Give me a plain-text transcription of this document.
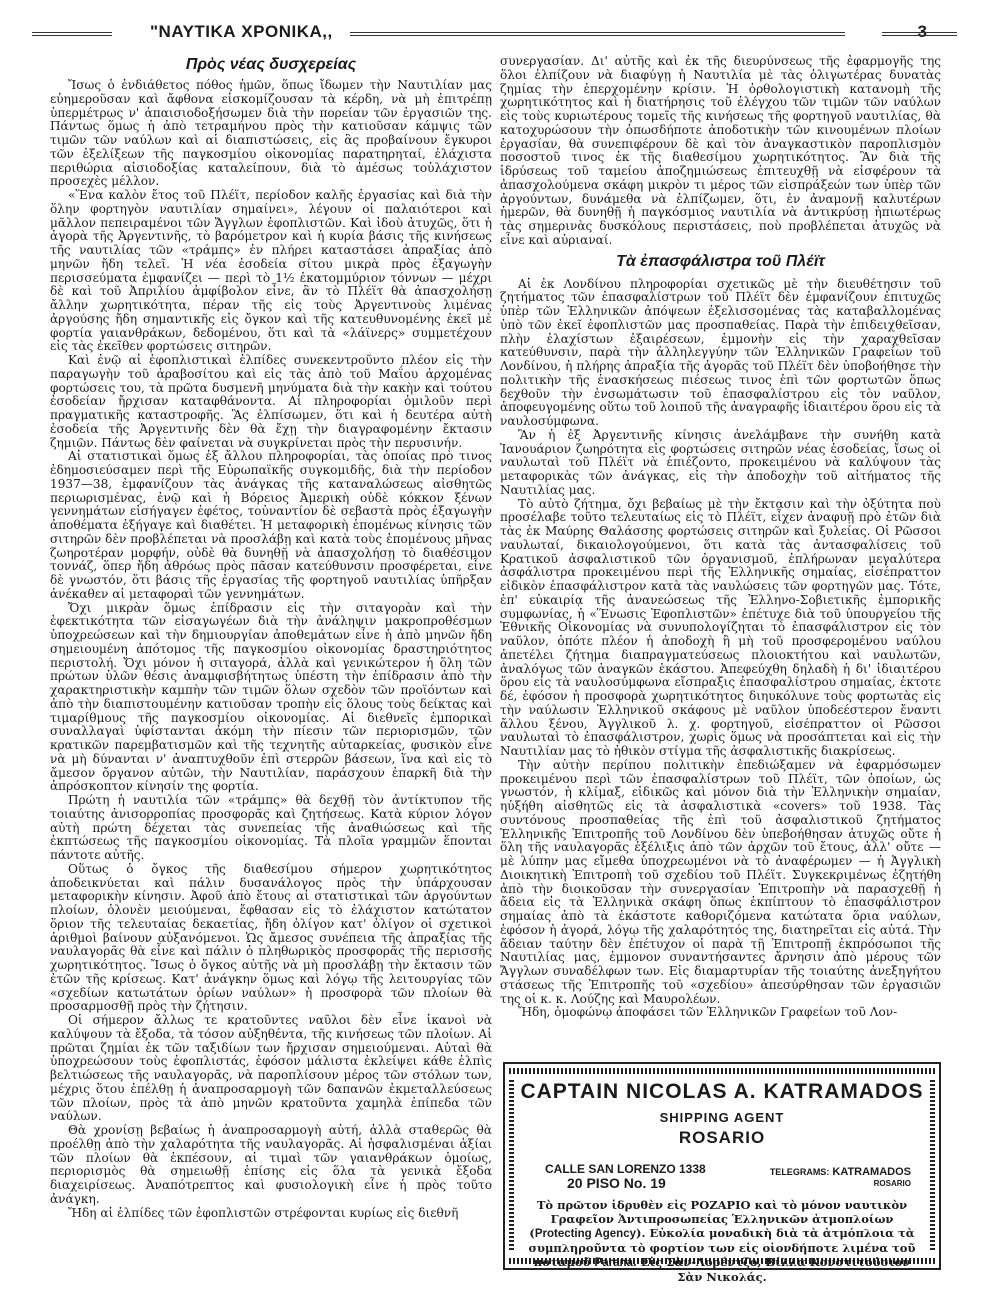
"ΝΑΥΤΙΚΑ ΧΡΟΝΙΚΑ,,	3
Πρὸς νέας δυσχερείας

Ἴσως ὁ ἐνδιάθετος πόθος ἡμῶν, ὅπως ἴδωμεν τὴν Ναυτιλίαν μας εὐημεροῦσαν καὶ ἄφθονα εἰσκομίζουσαν τὰ κέρδη, νὰ μὴ ἐπιτρέπῃ ὑπερμέτρως ν' ἀπαισιοδοξήσωμεν διὰ τὴν πορείαν τῶν ἐργασιῶν της. Πάντως ὅμως ἡ ἀπὸ τετραμήνου πρὸς τὴν κατιοῦσαν κάμψις τῶν τιμῶν τῶν ναύλων καὶ αἱ διαπιστώσεις, εἰς ἃς προβαίνουν ἔγκυροι τῶν ἐξελίξεων τῆς παγκοσμίου οἰκονομίας παρατηρηταί, ἐλάχιστα περιθώρια αἰσιοδοξίας καταλείπουν, διὰ τὸ ἀμέσως τοὐλάχιστον προσεχὲς μέλλον.

«Ἕνα καλὸν ἔτος τοῦ Πλέϊτ, περίοδον καλῆς ἐργασίας καὶ διὰ τὴν ὅλην φορτηγὸν ναυτιλίαν σημαίνει», λέγουν οἱ παλαιότεροι καὶ μᾶλλον πεπειραμένοι τῶν Ἄγγλων ἐφοπλιστῶν. Καὶ ἰδοὺ ἀτυχῶς, ὅτι ἡ ἀγορὰ τῆς Ἀργεντινῆς, τὸ βαρόμετρον καὶ ἡ κυρία βάσις τῆς κινήσεως τῆς ναυτιλίας τῶν «τράμπς» ἐν πλήρει καταστάσει ἀπραξίας ἀπὸ μηνῶν ἤδη τελεῖ. Ἡ νέα ἐσοδεία σίτου μικρὰ πρὸς ἐξαγωγὴν περισσεύματα ἐμφανίζει — περὶ τὸ 1½ ἑκατομμύριον τόννων — μέχρι δὲ καὶ τοῦ Ἀπριλίου ἀμφίβολον εἶνε, ἂν τὸ Πλέϊτ θὰ ἀπασχολήσῃ ἄλλην χωρητικότητα, πέραν τῆς εἰς τοὺς Ἀργεντινοὺς λιμένας ἀργούσης ἤδη σημαντικῆς εἰς ὄγκον καὶ τῆς κατευθυνομένης ἐκεῖ μὲ φορτία γαιανθράκων, δεδομένου, ὅτι καὶ τὰ «λάϊνερς» συμμετέχουν εἰς τὰς ἐκεῖθεν φορτώσεις σιτηρῶν.

Καὶ ἐνῷ αἱ ἐφοπλιστικαὶ ἐλπίδες συνεκεντροῦντο πλέον εἰς τὴν παραγωγὴν τοῦ ἀραβοσίτου καὶ εἰς τὰς ἀπὸ τοῦ Μαΐου ἀρχομένας φορτώσεις του, τὰ πρῶτα δυσμενῆ μηνύματα διὰ τὴν κακὴν καὶ τούτου ἐσοδείαν ἤρχισαν καταφθάνοντα. Αἱ πληροφορίαι ὁμιλοῦν περὶ πραγματικῆς καταστροφῆς. Ἂς ἐλπίσωμεν, ὅτι καὶ ἡ δευτέρα αὐτὴ ἐσοδεία τῆς Ἀργεντινῆς δὲν θὰ ἔχῃ τὴν διαγραφομένην ἔκτασιν ζημιῶν. Πάντως δὲν φαίνεται νὰ συγκρίνεται πρὸς τὴν περυσινήν.

Αἱ στατιστικαὶ ὅμως ἐξ ἄλλου πληροφορίαι, τὰς ὁποίας πρὸ τινος ἐδημοσιεύσαμεν περὶ τῆς Εὐρωπαϊκῆς συγκομιδῆς, διὰ τὴν περίοδον 1937—38, ἐμφανίζουν τὰς ἀνάγκας τῆς καταναλώσεως αἰσθητῶς περιωρισμένας, ἐνῷ καὶ ἡ Βόρειος Ἀμερικὴ οὐδὲ κόκκον ξένων γεννημάτων εἰσήγαγεν ἐφέτος, τοὐναντίον δὲ σεβαστὰ πρὸς ἐξαγωγὴν ἀποθέματα ἐξήγαγε καὶ διαθέτει. Ἡ μεταφορικὴ ἑπομένως κίνησις τῶν σιτηρῶν δὲν προβλέπεται νὰ προσλάβῃ καὶ κατὰ τοὺς ἑπομένους μῆνας ζωηροτέραν μορφήν, οὐδὲ θὰ δυνηθῇ νὰ ἀπασχολήσῃ τὸ διαθέσιμον τοννάζ, ὅπερ ἤδη ἀθρόως πρὸς πᾶσαν κατεύθυνσιν προσφέρεται, εἶνε δὲ γνωστόν, ὅτι βάσις τῆς ἐργασίας τῆς φορτηγοῦ ναυτιλίας ὑπῆρξαν ἀνέκαθεν αἱ μεταφοραὶ τῶν γεννημάτων.

Ὄχι μικρὰν ὅμως ἐπίδρασιν εἰς τὴν σιταγορὰν καὶ τὴν ἐφεκτικότητα τῶν εἰσαγωγέων διὰ τὴν ἀνάληψιν μακροπροθέσμων ὑποχρεώσεων καὶ τὴν δημιουργίαν ἀποθεμάτων εἶνε ἡ ἀπὸ μηνῶν ἤδη σημειουμένη ἀπότομος τῆς παγκοσμίου οἰκονομίας δραστηριότητος περιστολή. Ὄχι μόνον ἡ σιταγορά, ἀλλὰ καὶ γενικώτερον ἡ ὅλη τῶν πρώτων ὑλῶν θέσις ἀναμφισβήτητως ὑπέστη τὴν ἐπίδρασιν ἀπὸ τὴν χαρακτηριστικὴν καμπὴν τῶν τιμῶν ὅλων σχεδὸν τῶν προϊόντων καὶ ἀπὸ τὴν διαπιστουμένην κατιοῦσαν τροπὴν εἰς ὅλους τοὺς δείκτας καὶ τιμαρίθμους τῆς παγκοσμίου οἰκονομίας. Αἱ διεθνεῖς ἐμπορικαὶ συναλλαγαὶ ὑφίστανται ἀκόμη τὴν πίεσιν τῶν περιορισμῶν, τῶν κρατικῶν παρεμβατισμῶν καὶ τῆς τεχνητῆς αὐταρκείας, φυσικὸν εἶνε νὰ μὴ δύνανται ν' ἀναπτυχθοῦν ἐπὶ στερρῶν βάσεων, ἵνα καὶ εἰς τὸ ἄμεσον ὄργανον αὐτῶν, τὴν Ναυτιλίαν, παράσχουν ἐπαρκῆ διὰ τὴν ἀπρόσκοπτον κίνησίν της φορτία.

Πρώτη ἡ ναυτιλία τῶν «τράμπς» θὰ δεχθῇ τὸν ἀντίκτυπον τῆς τοιαύτης ἀνισορροπίας προσφορᾶς καὶ ζητήσεως. Κατὰ κύριον λόγον αὐτὴ πρώτη δέχεται τὰς συνεπείας τῆς ἀναθιώσεως καὶ τῆς ἐκπτώσεως τῆς παγκοσμίου οἰκονομίας. Τὰ πλοῖα γραμμῶν ἕπονται πάντοτε αὐτῆς.

Οὕτως ὁ ὄγκος τῆς διαθεσίμου σήμερον χωρητικότητος ἀποδεικνύεται καὶ πάλιν δυσανάλογος πρὸς τὴν ὑπάρχουσαν μεταφορικὴν κίνησιν. Ἀφοῦ ἀπὸ ἔτους αἱ στατιστικαὶ τῶν ἀργούντων πλοίων, ὁλονὲν μειούμεναι, ἔφθασαν εἰς τὸ ἐλάχιστον κατώτατον ὅριον τῆς τελευταίας δεκαετίας, ἤδη ὀλίγον κατ' ὀλίγον οἱ σχετικοὶ ἀριθμοὶ βαίνουν αὐξανόμενοι. Ὡς ἄμεσος συνέπεια τῆς ἀπραξίας τῆς ναυλαγορᾶς θὰ εἶνε καὶ πάλιν ὁ πληθωρικὸς προσφορᾶς τῆς περισσῆς χωρητικότητος. Ἴσως ὁ ὄγκος αὐτῆς νὰ μὴ προσλάβῃ τὴν ἔκτασιν τῶν ἐτῶν τῆς κρίσεως. Κατ' ἀνάγκην ὅμως καὶ λόγῳ τῆς λειτουργίας τῶν «σχεδίων κατωτάτων ὁρίων ναύλων» ἡ προσφορὰ τῶν πλοίων θὰ προσαρμοσθῇ πρὸς τὴν ζήτησιν.

Οἱ σήμερον ἄλλως τε κρατοῦντες ναῦλοι δὲν εἶνε ἱκανοὶ νὰ καλύψουν τὰ ἔξοδα, τὰ τόσον αὐξηθέντα, τῆς κινήσεως τῶν πλοίων. Αἱ πρῶται ζημίαι ἐκ τῶν ταξιδίων των ἤρχισαν σημειούμεναι. Αὐταὶ θὰ ὑποχρεώσουν τοὺς ἐφοπλιστάς, ἐφόσον μάλιστα ἐκλείψει κάθε ἐλπὶς βελτιώσεως τῆς ναυλαγορᾶς, νὰ παροπλίσουν μέρος τῶν στόλων των, μέχρις ὅτου ἐπέλθῃ ἡ ἀναπροσαρμογὴ τῶν δαπανῶν ἐκμεταλλεύσεως τῶν πλοίων, πρὸς τὰ ἀπὸ μηνῶν κρατοῦντα χαμηλὰ ἐπίπεδα τῶν ναύλων.

Θὰ χρονίσῃ βεβαίως ἡ ἀναπροσαρμογὴ αὐτή, ἀλλὰ σταθερῶς θὰ προέλθῃ ἀπὸ τὴν χαλαρότητα τῆς ναυλαγορᾶς. Αἱ ἠσφαλισμέναι ἀξίαι τῶν πλοίων θὰ ἐκπέσουν, αἱ τιμαὶ τῶν γαιανθράκων ὁμοίως, περιορισμὸς θὰ σημειωθῇ ἐπίσης εἰς ὅλα τὰ γενικὰ ἔξοδα διαχειρίσεως. Ἀναπότρεπτος καὶ φυσιολογικὴ εἶνε ἡ πρὸς τοῦτο ἀνάγκη.

Ἤδη αἱ ἐλπίδες τῶν ἐφοπλιστῶν στρέφονται κυρίως εἰς διεθνῆ

συνεργασίαν. Δι' αὐτῆς καὶ ἐκ τῆς διευρύνσεως τῆς ἐφαρμογῆς της ὅλοι ἐλπίζουν νὰ διαφύγῃ ἡ Ναυτιλία μὲ τὰς ὀλιγωτέρας δυνατὰς ζημίας τὴν ἐπερχομένην κρίσιν. Ἡ ὀρθολογιστικὴ κατανομὴ τῆς χωρητικότητος καὶ ἡ διατήρησις τοῦ ἐλέγχου τῶν τιμῶν τῶν ναύλων εἰς τοὺς κυριωτέρους τομεῖς τῆς κινήσεως τῆς φορτηγοῦ ναυτιλίας, θὰ κατοχυρώσουν τὴν ὁπωσδήποτε ἀποδοτικὴν τῶν κινουμένων πλοίων ἐργασίαν, θὰ συνεπιφέρουν δὲ καὶ τὸν ἀναγκαστικὸν παροπλισμὸν ποσοστοῦ τινος ἐκ τῆς διαθεσίμου χωρητικότητος. Ἂν διὰ τῆς ἱδρύσεως τοῦ ταμείου ἀποζημιώσεως ἐπιτευχθῇ νὰ εἰσφέρουν τὰ ἀπασχολούμενα σκάφη μικρὸν τι μέρος τῶν εἰσπράξεών των ὑπὲρ τῶν ἀργούντων, δυνάμεθα νὰ ἐλπίζωμεν, ὅτι, ἐν ἀναμονῇ καλυτέρων ἡμερῶν, θὰ δυνηθῇ ἡ παγκόσμιος ναυτιλία νὰ ἀντικρύσῃ ἠπιωτέρως τὰς σημερινὰς δυσκόλους περιστάσεις, ποὺ προβλέπεται ἀτυχῶς νὰ εἶνε καὶ αὐριαναί.

Τὰ ἐπασφάλιστρα τοῦ Πλέϊτ

Αἱ ἐκ Λονδίνου πληροφορίαι σχετικῶς μὲ τὴν διευθέτησιν τοῦ ζητήματος τῶν ἐπασφαλίστρων τοῦ Πλέϊτ δὲν ἐμφανίζουν ἐπιτυχῶς ὑπὲρ τῶν Ἑλληνικῶν ἀπόψεων ἐξελισσομένας τὰς καταβαλλομένας ὑπὸ τῶν ἐκεῖ ἐφοπλιστῶν μας προσπαθείας. Παρὰ τὴν ἐπιδειχθεῖσαν, πλὴν ἐλαχίστων ἐξαιρέσεων, ἐμμονὴν εἰς τὴν χαραχθεῖσαν κατεύθυνσιν, παρὰ τὴν ἀλληλεγγύην τῶν Ἑλληνικῶν Γραφείων τοῦ Λονδίνου, ἡ πλήρης ἀπραξία τῆς ἀγορᾶς τοῦ Πλέϊτ δὲν ὑποβοήθησε τὴν πολιτικὴν τῆς ἐνασκήσεως πιέσεως τινος ἐπὶ τῶν φορτωτῶν ὅπως δεχθοῦν τὴν ἐνσωμάτωσιν τοῦ ἐπασφαλίστρου εἰς τὸν ναῦλον, ἀποφευγομένης οὕτω τοῦ λοιποῦ τῆς ἀναγραφῆς ἰδιαιτέρου ὅρου εἰς τὰ ναυλοσύμφωνα.

Ἂν ἡ ἐξ Ἀργεντινῆς κίνησις ἀνελάμβανε τὴν συνήθη κατὰ Ἰανουάριον ζωηρότητα εἰς φορτώσεις σιτηρῶν νέας ἐσοδείας, ἴσως οἱ ναυλωταὶ τοῦ Πλέϊτ νὰ ἐπιέζοντο, προκειμένου νὰ καλύψουν τὰς μεταφορικὰς τῶν ἀνάγκας, εἰς τὴν ἀποδοχὴν τοῦ αἰτήματος τῆς Ναυτιλίας μας.

Τὸ αὐτὸ ζήτημα, ὄχι βεβαίως μὲ τὴν ἔκτασιν καὶ τὴν ὀξύτητα ποὺ προσέλαβε τοῦτο τελευταίως εἰς τὸ Πλέϊτ, εἶχεν ἀναφυῇ πρὸ ἐτῶν διὰ τὰς ἐκ Μαύρης Θαλάσσης φορτώσεις σιτηρῶν καὶ ξυλείας. Οἱ Ρῶσσοι ναυλωταί, δικαιολογούμενοι, ὅτι κατὰ τὰς ἀντασφαλίσεις τοῦ Κρατικοῦ ἀσφαλιστικοῦ τῶν ὀργανισμοῦ, ἐπλήρωναν μεγαλύτερα ἀσφάλιστρα προκειμένου περὶ τῆς Ἑλληνικῆς σημαίας, εἰσέπραττον εἰδικὸν ἐπασφάλιστρον κατὰ τὰς ναυλώσεις τῶν φορτηγῶν μας. Τότε, ἐπ' εὐκαιρίᾳ τῆς ἀνανεώσεως τῆς Ἑλληνο-Σοβιετικῆς ἐμπορικῆς συμφωνίας, ἡ «Ἕνωσις Ἐφοπλιστῶν» ἐπέτυχε διὰ τοῦ ὑπουργείου τῆς Ἐθνικῆς Οἰκονομίας νὰ συνυπολογίζηται τὸ ἐπασφάλιστρον εἰς τὸν ναῦλον, ὁπότε πλέον ἡ ἀποδοχὴ ἢ μὴ τοῦ προσφερομένου ναύλου ἀπετέλει ζήτημα διαπραγματεύσεως πλοιοκτήτου καὶ ναυλωτῶν, ἀναλόγως τῶν ἀναγκῶν ἑκάστου. Ἀπεφεύχθη δηλαδὴ ἡ δι' ἰδιαιτέρου ὅρου εἰς τὰ ναυλοσύμφωνα εἴσπραξις ἐπασφαλίστρου σημαίας, ἐκτοτε δέ, ἐφόσον ἡ προσφορὰ χωρητικότητος διηυκόλυνε τοὺς φορτωτὰς εἰς τὴν ναύλωσιν Ἑλληνικοῦ σκάφους μὲ ναῦλον ὑποδεέστερον ἔναντι ἄλλου ξένου, Ἀγγλικοῦ λ. χ. φορτηγοῦ, εἰσέπραττον οἱ Ρῶσσοι ναυλωταὶ τὸ ἐπασφάλιστρον, χωρὶς ὅμως νὰ προσάπτεται καὶ εἰς τὴν Ναυτιλίαν μας τὸ ἠθικὸν στίγμα τῆς ἀσφαλιστικῆς διακρίσεως.

Τὴν αὐτὴν περίπου πολιτικὴν ἐπεδιώξαμεν νὰ ἐφαρμόσωμεν προκειμένου περὶ τῶν ἐπασφαλίστρων τοῦ Πλέϊτ, τῶν ὁποίων, ὡς γνωστόν, ἡ κλίμαξ, εἰδικῶς καὶ μόνον διὰ τὴν Ἑλληνικὴν σημαίαν, ηὐξήθη αἰσθητῶς εἰς τὰ ἀσφαλιστικὰ «covers» τοῦ 1938. Τὰς συντόνους προσπαθείας τῆς ἐπὶ τοῦ ἀσφαλιστικοῦ ζητήματος Ἑλληνικῆς Ἐπιτροπῆς τοῦ Λονδίνου δὲν ὑπεβοήθησαν ἀτυχῶς οὔτε ἡ ὅλη τῆς ναυλαγορᾶς ἐξέλιξις ἀπὸ τῶν ἀρχῶν τοῦ ἔτους, ἀλλ' οὔτε — μὲ λύπην μας εἴμεθα ὑποχρεωμένοι νὰ τὸ ἀναφέρωμεν — ἡ Ἀγγλικὴ Διοικητικὴ Ἐπιτροπὴ τοῦ σχεδίου τοῦ Πλέϊτ. Συγκεκριμένως ἐζητήθη ἀπὸ τὴν διοικοῦσαν τὴν συνεργασίαν Ἐπιτροπὴν νὰ παρασχεθῇ ἡ ἄδεια εἰς τὰ Ἑλληνικὰ σκάφη ὅπως ἐκπίπτουν τὸ ἐπασφάλιστρον σημαίας ἀπὸ τὰ ἑκάστοτε καθοριζόμενα κατώτατα ὅρια ναύλων, ἐφόσον ἡ ἀγορά, λόγῳ τῆς χαλαρότητός της, διατηρεῖται εἰς αὐτά. Τὴν ἄδειαν ταύτην δὲν ἐπέτυχον οἱ παρὰ τῇ Ἐπιτροπῇ ἐκπρόσωποι τῆς Ναυτιλίας μας, ἐμμονον συναντήσαντες ἄρνησιν ἀπὸ μέρους τῶν Ἄγγλων συναδέλφων των. Εἰς διαμαρτυρίαν τῆς τοιαύτης ἀνεξηγήτου στάσεως τῆς Ἐπιτροπῆς τοῦ «σχεδίου» ἀπεσύρθησαν τῶν ἐργασιῶν της οἱ κ. κ. Λούζης καὶ Μαυρολέων.

Ἤδη, ὁμοφώνῳ ἀποφάσει τῶν Ἑλληνικῶν Γραφείων τοῦ Λον-

CAPTAIN NICOLAS A. KATRAMADOS
SHIPPING AGENT
ROSARIO
CALLE SAN LORENZO 1338
20 PISO No. 19
TELEGRAMS: KATRAMADOS
ROSARIO
Τὸ πρῶτον ἱδρυθὲν εἰς ΡΟΖΑΡΙΟ καὶ τὸ μόνον ναυτικὸν Γραφεῖον Ἀντιπροσωπείας Ἑλληνικῶν ἀτμοπλοίων (Protecting Agency). Εὐκολία μοναδικὴ διὰ τὰ ἀτμόπλοια τὰ συμπληροῦντα τὸ φορτίον των εἰς οἱονδήποτε λιμένα τοῦ ποταμοῦ Parana. Εἰς Σὰν-Λορέντζο, Βίλλα Κονστιτούσιον Σὰν Νικολάς.
